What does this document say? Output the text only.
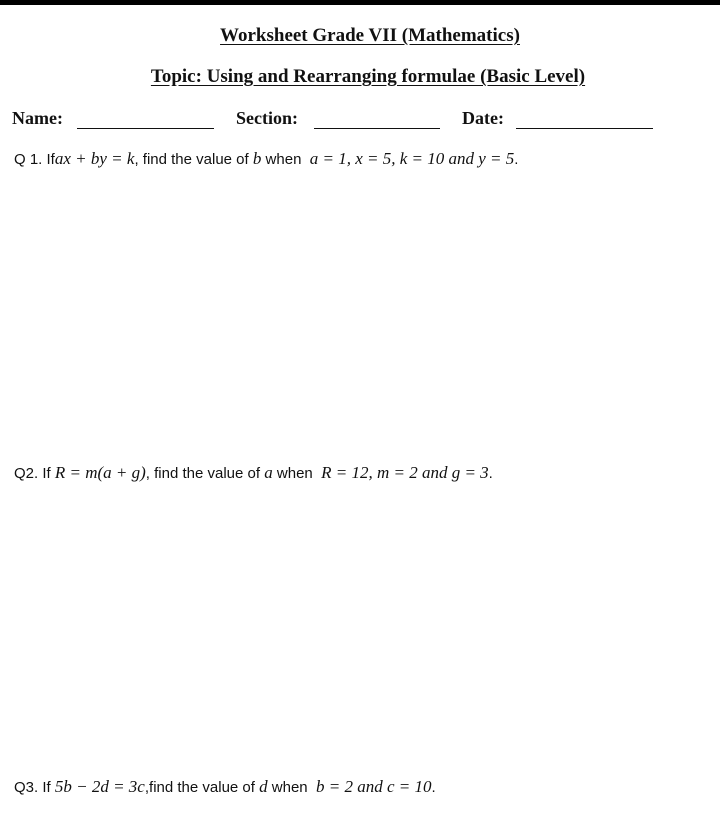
Worksheet Grade VII (Mathematics)
Topic: Using and Rearranging formulae (Basic Level)
Name:	Section:	Date:
Q 1. Ifax + by = k, find the value of b when a = 1, x = 5, k = 10 and y = 5.
Q2. If R = m(a + g), find the value of a when R = 12, m = 2 and g = 3.
Q3. If 5b − 2d = 3c,find the value of d when b = 2 and c = 10.
